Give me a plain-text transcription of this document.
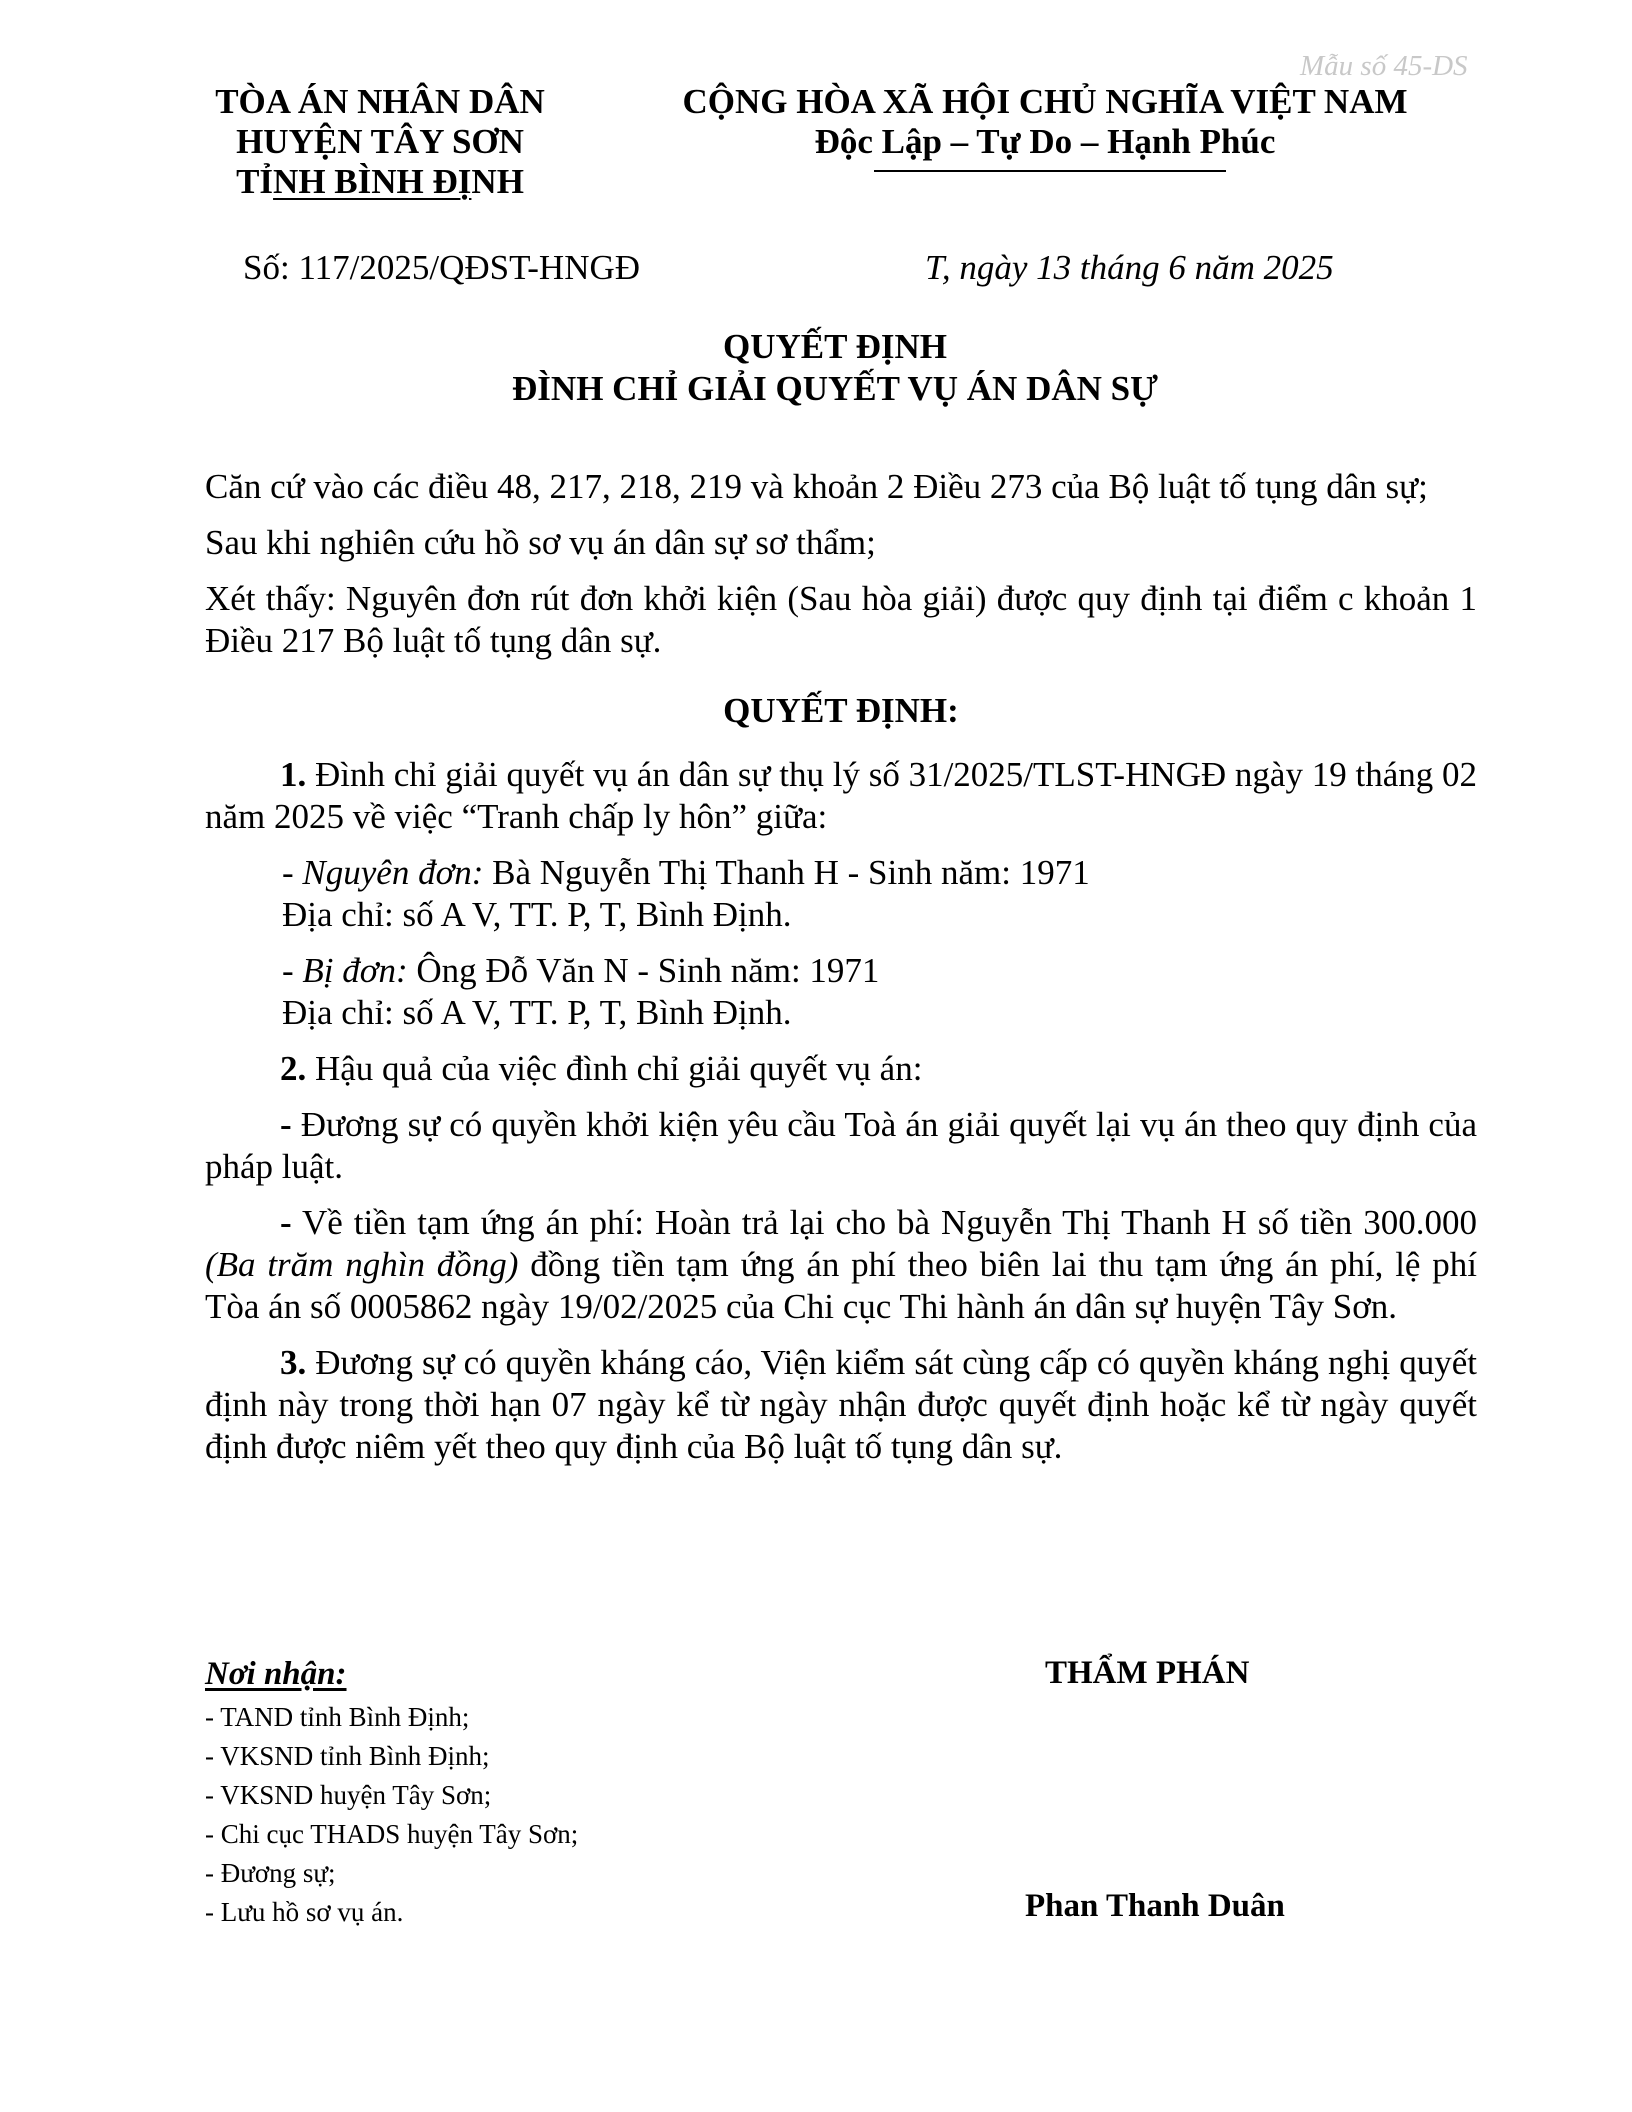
Mẫu số 45-DS
TÒA ÁN NHÂN DÂN
HUYỆN TÂY SƠN
TỈNH BÌNH ĐỊNH
CỘNG HÒA XÃ HỘI CHỦ NGHĨA VIỆT NAM
Độc Lập – Tự Do – Hạnh Phúc
Số: 117/2025/QĐST-HNGĐ	T, ngày 13 tháng 6 năm 2025
QUYẾT ĐỊNH
ĐÌNH CHỈ GIẢI QUYẾT VỤ ÁN DÂN SỰ

Căn cứ vào các điều 48, 217, 218, 219 và khoản 2 Điều 273 của Bộ luật tố tụng dân sự;

Sau khi nghiên cứu hồ sơ vụ án dân sự sơ thẩm;

Xét thấy: Nguyên đơn rút đơn khởi kiện (Sau hòa giải) được quy định tại điểm c khoản 1 Điều 217 Bộ luật tố tụng dân sự.

QUYẾT ĐỊNH:

1. Đình chỉ giải quyết vụ án dân sự thụ lý số 31/2025/TLST-HNGĐ ngày 19 tháng 02 năm 2025 về việc “Tranh chấp ly hôn” giữa:

- Nguyên đơn: Bà Nguyễn Thị Thanh H - Sinh năm: 1971
Địa chỉ: số A V, TT. P, T, Bình Định.

- Bị đơn: Ông Đỗ Văn N - Sinh năm: 1971
Địa chỉ: số A V, TT. P, T, Bình Định.

2. Hậu quả của việc đình chỉ giải quyết vụ án:

- Đương sự có quyền khởi kiện yêu cầu Toà án giải quyết lại vụ án theo quy định của pháp luật.

- Về tiền tạm ứng án phí: Hoàn trả lại cho bà Nguyễn Thị Thanh H số tiền 300.000 (Ba trăm nghìn đồng) đồng tiền tạm ứng án phí theo biên lai thu tạm ứng án phí, lệ phí Tòa án số 0005862 ngày 19/02/2025 của Chi cục Thi hành án dân sự huyện Tây Sơn.

3. Đương sự có quyền kháng cáo, Viện kiểm sát cùng cấp có quyền kháng nghị quyết định này trong thời hạn 07 ngày kể từ ngày nhận được quyết định hoặc kể từ ngày quyết định được niêm yết theo quy định của Bộ luật tố tụng dân sự.

Nơi nhận:
- TAND tỉnh Bình Định;
- VKSND tỉnh Bình Định;
- VKSND huyện Tây Sơn;
- Chi cục THADS huyện Tây Sơn;
- Đương sự;
- Lưu hồ sơ vụ án.
THẨM PHÁN
Phan Thanh Duân
